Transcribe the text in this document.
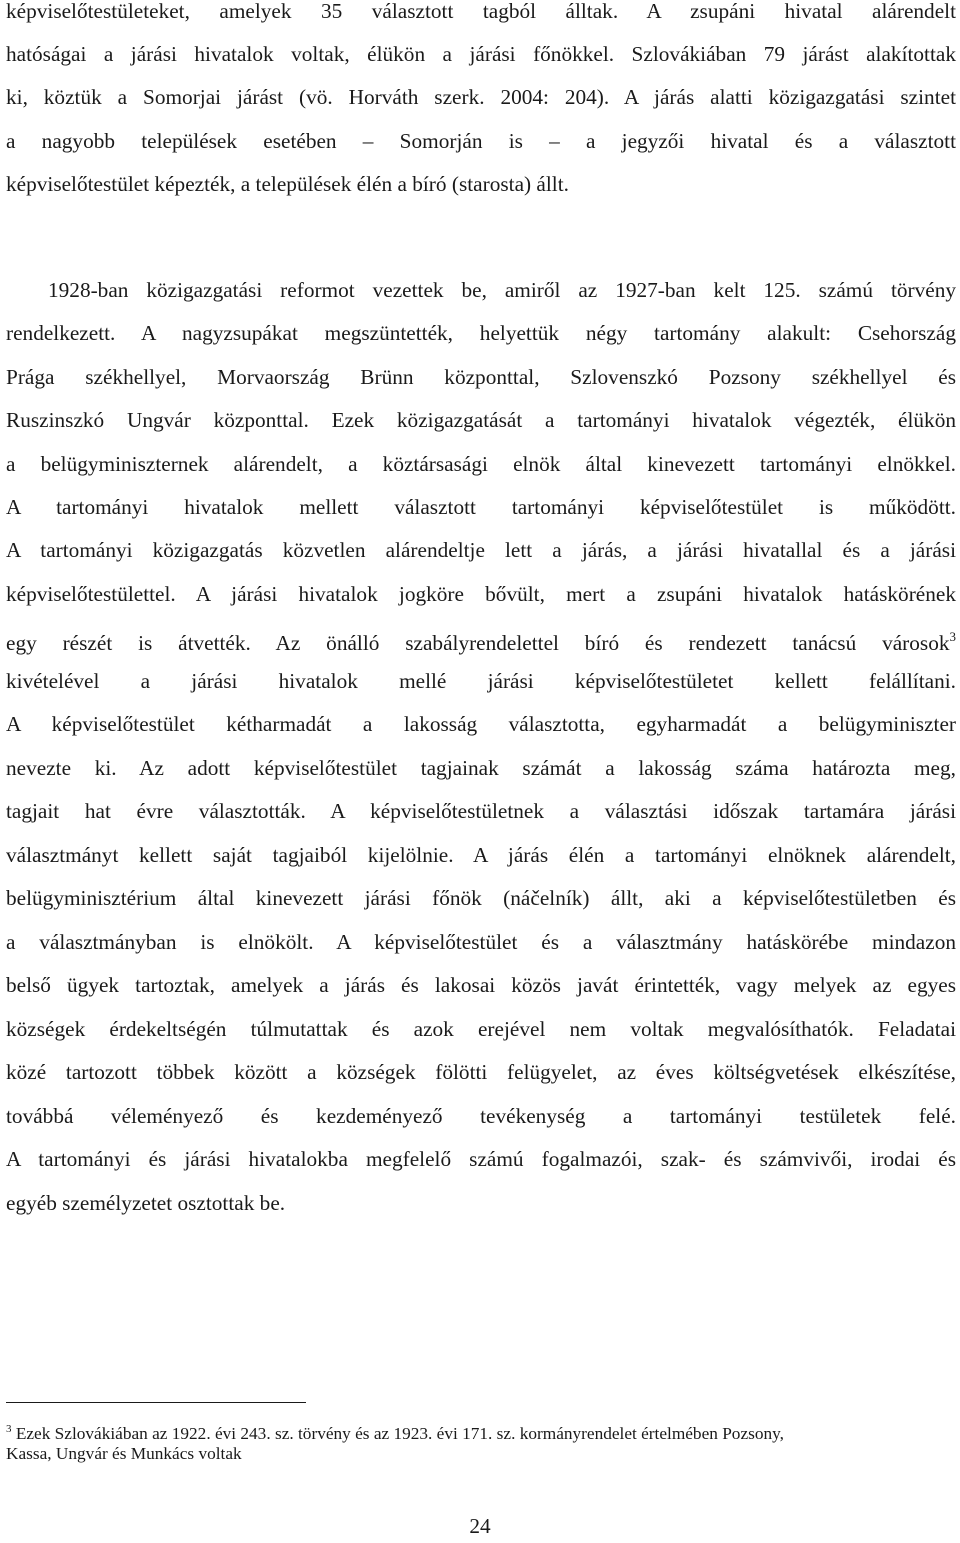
képviselőtestületeket, amelyek 35 választott tagból álltak. A zsupáni hivatal alárendelt
hatóságai a járási hivatalok voltak, élükön a járási főnökkel. Szlovákiában 79 járást alakítottak
ki, köztük a Somorjai járást (vö. Horváth szerk. 2004: 204). A járás alatti közigazgatási szintet
a nagyobb települések esetében – Somorján is – a jegyzői hivatal és a választott
képviselőtestület képezték, a települések élén a bíró (starosta) állt.
1928-ban közigazgatási reformot vezettek be, amiről az 1927-ban kelt 125. számú törvény
rendelkezett. A nagyzsupákat megszüntették, helyettük négy tartomány alakult: Csehország
Prága székhellyel, Morvaország Brünn központtal, Szlovenszkó Pozsony székhellyel és
Ruszinszkó Ungvár központtal. Ezek közigazgatását a tartományi hivatalok végezték, élükön
a belügyminiszternek alárendelt, a köztársasági elnök által kinevezett tartományi elnökkel.
A tartományi hivatalok mellett választott tartományi képviselőtestület is működött.
A tartományi közigazgatás közvetlen alárendeltje lett a járás, a járási hivatallal és a járási
képviselőtestülettel. A járási hivatalok jogköre bővült, mert a zsupáni hivatalok hatáskörének
egy részét is átvették. Az önálló szabályrendelettel bíró és rendezett tanácsú városok$^3$
kivételével a járási hivatalok mellé járási képviselőtestületet kellett felállítani.
A képviselőtestület kétharmadát a lakosság választotta, egyharmadát a belügyminiszter
nevezte ki. Az adott képviselőtestület tagjainak számát a lakosság száma határozta meg,
tagjait hat évre választották. A képviselőtestületnek a választási időszak tartamára járási
választmányt kellett saját tagjaiból kijelölnie. A járás élén a tartományi elnöknek alárendelt,
belügyminisztérium által kinevezett járási főnök (náčelník) állt, aki a képviselőtestületben és
a választmányban is elnökölt. A képviselőtestület és a választmány hatáskörébe mindazon
belső ügyek tartoztak, amelyek a járás és lakosai közös javát érintették, vagy melyek az egyes
községek érdekeltségén túlmutattak és azok erejével nem voltak megvalósíthatók. Feladatai
közé tartozott többek között a községek fölötti felügyelet, az éves költségvetések elkészítése,
továbbá véleményező és kezdeményező tevékenység a tartományi testületek felé.
A tartományi és járási hivatalokba megfelelő számú fogalmazói, szak- és számvivői, irodai és
egyéb személyzetet osztottak be.
$^3$ Ezek Szlovákiában az 1922. évi 243. sz. törvény és az 1923. évi 171. sz. kormányrendelet értelmében Pozsony,
Kassa, Ungvár és Munkács voltak
24
